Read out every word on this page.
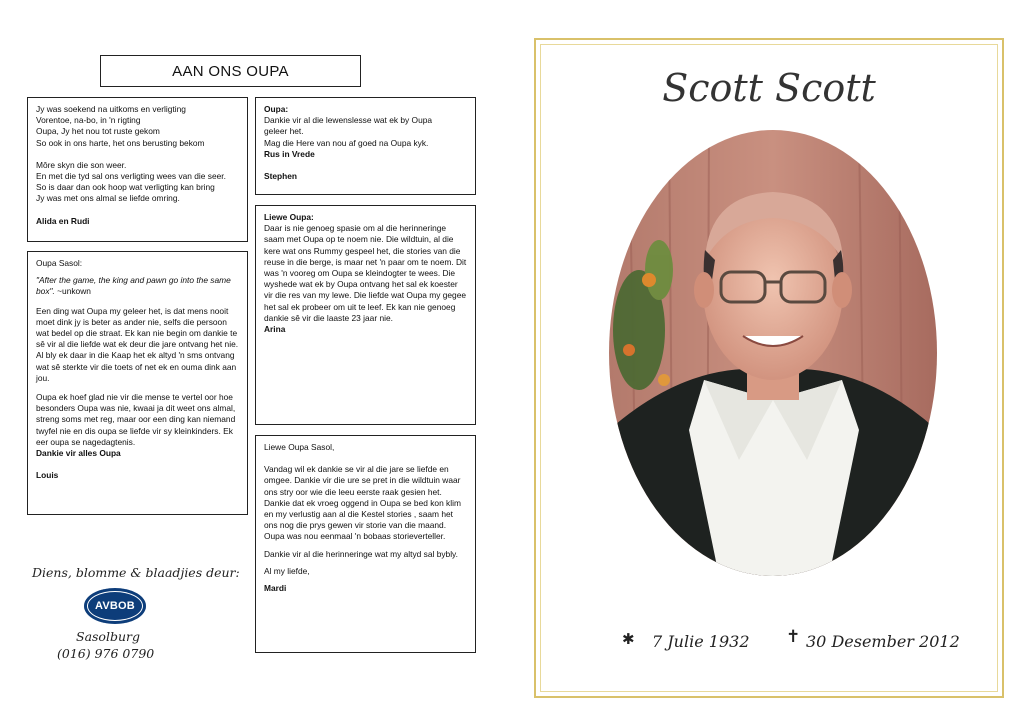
AAN ONS OUPA

Jy was soekend na uitkoms en verligting

Vorentoe, na-bo, in 'n rigting

Oupa, Jy het nou tot ruste gekom

So ook in ons harte, het ons berusting bekom

Môre skyn die son weer.

En met die tyd sal ons verligting wees van die seer.

So is daar dan ook hoop wat verligting kan bring

Jy was met ons almal se liefde omring.

Alida en Rudi

Oupa:

Dankie vir al die lewenslesse wat ek by Oupa

geleer het.

Mag die Here van nou af goed na Oupa kyk.

Rus in Vrede

Stephen

Oupa Sasol:

"After the game, the king and pawn go into the same box". ~unkown

Een ding wat Oupa my geleer het, is dat mens nooit moet dink jy is beter as ander nie, selfs die persoon wat bedel op die straat. Ek kan nie begin om dankie te sê vir al die liefde wat ek deur die jare ontvang het nie. Al bly ek daar in die Kaap het ek altyd 'n sms ontvang wat sê sterkte vir die toets of net ek en ouma dink aan jou.

Oupa ek hoef glad nie vir die mense te vertel oor hoe besonders Oupa was nie, kwaai ja dit weet ons almal, streng soms met reg, maar oor een ding kan niemand twyfel nie en dis oupa se liefde vir sy kleinkinders. Ek eer oupa se nagedagtenis.

Dankie vir alles Oupa

Louis

Liewe Oupa:

Daar is nie genoeg spasie om al die herinneringe saam met Oupa op te noem nie. Die wildtuin, al die kere wat ons Rummy gespeel het, die stories van die reuse in die berge, is maar net 'n paar om te noem. Dit was 'n vooreg om Oupa se kleindogter te wees. Die wyshede wat ek by Oupa ontvang het sal ek koester vir die res van my lewe. Die liefde wat Oupa my gegee het sal ek probeer om uit te leef. Ek kan nie genoeg dankie sê vir die laaste 23 jaar nie.

Arina

Liewe Oupa Sasol,

Vandag wil ek dankie se vir al die jare se liefde en omgee. Dankie vir die ure se pret in die wildtuin waar ons stry oor wie die leeu eerste raak gesien het. Dankie dat ek vroeg oggend in Oupa se bed kon klim en my verlustig aan al die Kestel stories , saam het ons nog die prys gewen vir storie van die maand. Oupa was nou eenmaal 'n bobaas storieverteller.

Dankie vir al die herinneringe wat my altyd sal bybly.

Al my liefde,

Mardi

Diens, blomme & blaadjies deur:
AVBOB
Sasolburg
(016) 976 0790
Scott Scott
✱ 7 Julie 1932 ✝ 30 Desember 2012
